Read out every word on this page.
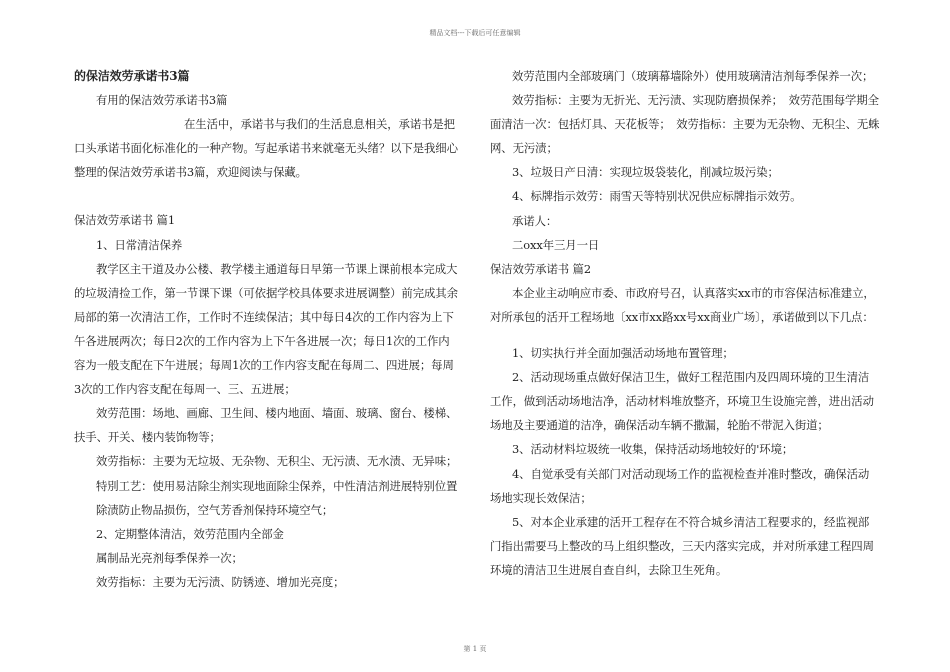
精品文档---下载后可任意编辑

的保洁效劳承诺书3篇

有用的保洁效劳承诺书3篇

在生活中，承诺书与我们的生活息息相关，承诺书是把

口头承诺书面化标准化的一种产物。写起承诺书来就毫无头绪？以下是我细心

整理的保洁效劳承诺书3篇，欢迎阅读与保藏。

保洁效劳承诺书 篇1

1、日常清洁保养

教学区主干道及办公楼、教学楼主通道每日早第一节课上课前根本完成大的垃圾清捡工作，第一节课下课（可依据学校具体要求进展调整）前完成其余局部的第一次清洁工作，工作时不连续保洁；其中每日4次的工作内容为上下午各进展两次；每日2次的工作内容为上下午各进展一次；每日1次的工作内容为一般支配在下午进展；每周1次的工作内容支配在每周二、四进展；每周3次的工作内容支配在每周一、三、五进展；

效劳范围：场地、画廊、卫生间、楼内地面、墙面、玻璃、窗台、楼梯、扶手、开关、楼内装饰物等；

效劳指标：主要为无垃圾、无杂物、无积尘、无污渍、无水渍、无异味；

特別工艺：使用易洁除尘剂实现地面除尘保养，中性清洁剂进展特别位置除渍防止物品损伤，空气芳香剂保持环境空气；

2、定期整体清洁，效劳范围内全部金

属制品光亮剂每季保养一次；

效劳指标：主要为无污渍、防锈迹、增加光亮度；

效劳范围内全部玻璃门（玻璃幕墙除外）使用玻璃清洁剂每季保养一次；

效劳指标：主要为无折光、无污渍、实现防磨损保养；　效劳范围每学期全面清洁一次：包括灯具、天花板等；　效劳指标：主要为无杂物、无积尘、无蛛网、无污渍；

3、垃圾日产日清：实现垃圾袋装化，削减垃圾污染；

4、标牌指示效劳：雨雪天等特别状况供应标牌指示效劳。

承诺人：

二oxx年三月一日

保洁效劳承诺书 篇2

本企业主动响应市委、市政府号召，认真落实xx市的市容保洁标准建立，对所承包的活开工程场地〔xx市xx路xx号xx商业广场〕，承诺做到以下几点：

1、切实执行并全面加强活动场地布置管理；

2、活动现场重点做好保洁卫生，做好工程范围内及四周环境的卫生清洁工作，做到活动场地洁净，活动材料堆放整齐，环境卫生设施完善，进出活动场地及主要通道的洁净，确保活动车辆不撒漏，轮胎不带泥入街道；

3、活动材料垃圾统一收集，保持活动场地较好的'环境；

4、自觉承受有关部门对活动现场工作的监视检查并准时整改，确保活动场地实现长效保洁；

5、对本企业承建的活开工程存在不符合城乡清洁工程要求的，经监视部门指出需要马上整改的马上组织整改，三天内落实完成，并对所承建工程四周环境的清洁卫生进展自查自纠，去除卫生死角。

第 1 页
